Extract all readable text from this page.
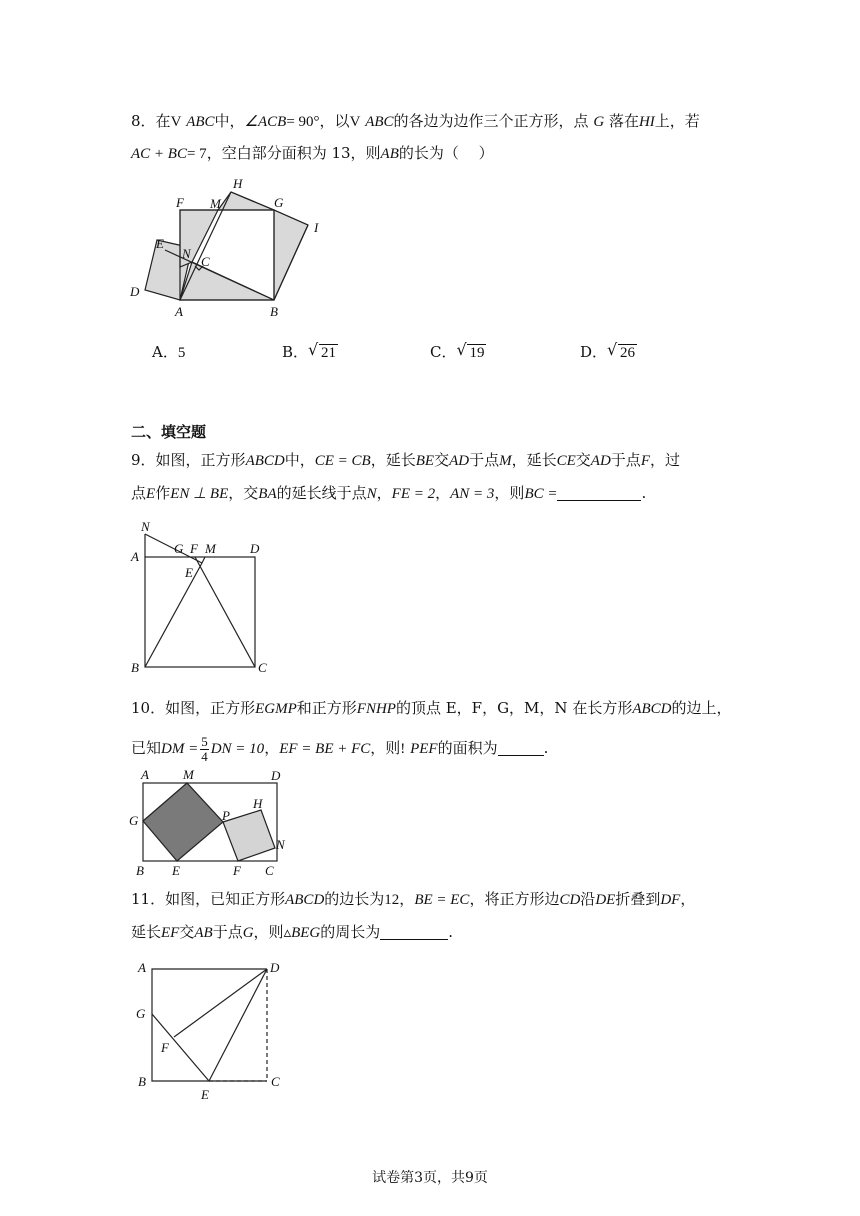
8．在V ABC中，∠ACB= 90°，以V ABC的各边为边作三个正方形，点 G 落在HI上，若
AC + BC= 7，空白部分面积为 13，则AB的长为（　 ）
H
F M	G
I
E
N
C
D
A	B
A．5	B． √ 21	C． √ 19	D． √ 26
二、填空题
9．如图，正方形ABCD中，CE = CB，延长BE交AD于点M，延长CE交AD于点F，过
点E作EN ⊥ BE，交BA的延长线于点N，FE = 2，AN = 3，则BC =	.
N
A
G F M	D
E
B	C
10．如图，正方形EGMP和正方形FNHP的顶点 E，F，G，M，N 在长方形ABCD的边上，
已知DM = $\frac{5}{4}$ DN = 10，EF = BE + FC，则! PEF的面积为	.
A	M	D
G	P
H
N
B E	F C
11．如图，已知正方形ABCD的边长为12，BE = EC，将正方形边CD沿DE折叠到DF，
延长EF交AB于点G，则▵BEG的周长为	.
A	D
G
F
B
E
C
试卷第3页，共9页
